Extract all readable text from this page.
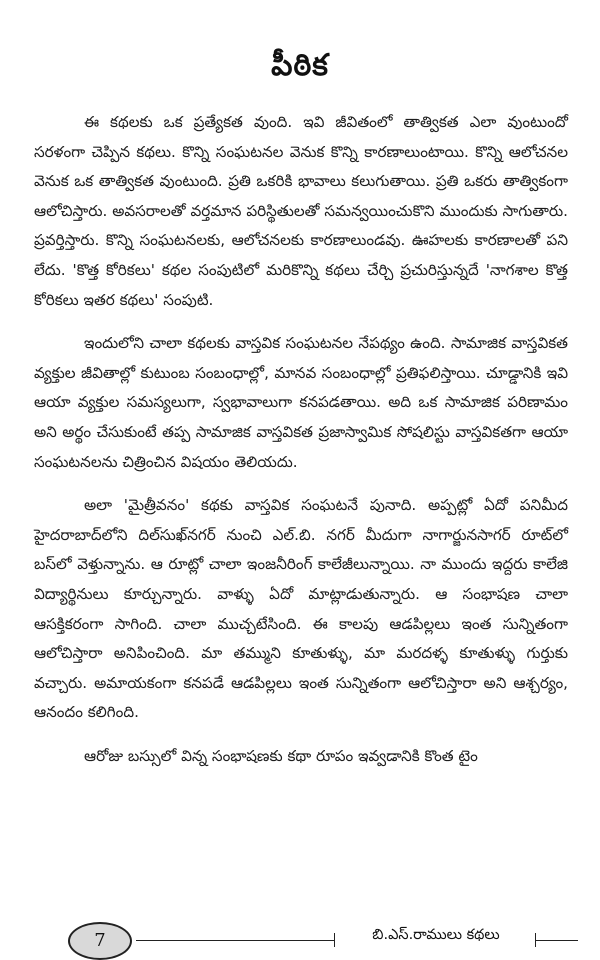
పీఠిక

ఈ కథలకు ఒక ప్రత్యేకత వుంది. ఇవి జీవితంలో తాత్వికత ఎలా వుంటుందో సరళంగా చెప్పిన కథలు. కొన్ని సంఘటనల వెనుక కొన్ని కారణాలుంటాయి. కొన్ని ఆలోచనల వెనుక ఒక తాత్వికత వుంటుంది. ప్రతి ఒకరికి భావాలు కలుగుతాయి. ప్రతి ఒకరు తాత్వికంగా ఆలోచిస్తారు. అవసరాలతో వర్తమాన పరిస్థితులతో సమన్వయించుకొని ముందుకు సాగుతారు. ప్రవర్తిస్తారు. కొన్ని సంఘటనలకు, ఆలోచనలకు కారణాలుండవు. ఊహలకు కారణాలతో పని లేదు. 'కొత్త కోరికలు' కథల సంపుటిలో మరికొన్ని కథలు చేర్చి ప్రచురిస్తున్నదే 'నాగశాల కొత్త కోరికలు ఇతర కథలు' సంపుటి.

ఇందులోని చాలా కథలకు వాస్తవిక సంఘటనల నేపథ్యం ఉంది. సామాజిక వాస్తవికత వ్యక్తుల జీవితాల్లో కుటుంబ సంబంధాల్లో, మానవ సంబంధాల్లో ప్రతిఫలిస్తాయి. చూడ్డానికి ఇవి ఆయా వ్యక్తుల సమస్యలుగా, స్వభావాలుగా కనపడతాయి. అది ఒక సామాజిక పరిణామం అని అర్థం చేసుకుంటే తప్ప సామాజిక వాస్తవికత ప్రజాస్వామిక సోషలిస్టు వాస్తవికతగా ఆయా సంఘటనలను చిత్రించిన విషయం తెలియదు.

అలా 'మైత్రీవనం' కథకు వాస్తవిక సంఘటనే పునాది. అప్పట్లో ఏదో పనిమీద హైదరాబాద్‌లోని దిల్‌సుఖ్‌నగర్ నుంచి ఎల్.బి. నగర్ మీదుగా నాగార్జునసాగర్ రూట్‌లో బస్‌లో వెళ్తున్నాను. ఆ రూట్లో చాలా ఇంజనీరింగ్ కాలేజీలున్నాయి. నా ముందు ఇద్దరు కాలేజి విద్యార్థినులు కూర్చున్నారు. వాళ్ళు ఏదో మాట్లాడుతున్నారు. ఆ సంభాషణ చాలా ఆసక్తికరంగా సాగింది. చాలా ముచ్చటేసింది. ఈ కాలపు ఆడపిల్లలు ఇంత సున్నితంగా ఆలోచిస్తారా అనిపించింది. మా తమ్ముని కూతుళ్ళు, మా మరదళ్ళ కూతుళ్ళు గుర్తుకు వచ్చారు. అమాయకంగా కనపడే ఆడపిల్లలు ఇంత సున్నితంగా ఆలోచిస్తారా అని ఆశ్చర్యం, ఆనందం కలిగింది.

ఆరోజు బస్సులో విన్న సంభాషణకు కథా రూపం ఇవ్వడానికి కొంత టైం

7	బి.ఎస్.రాములు కథలు
